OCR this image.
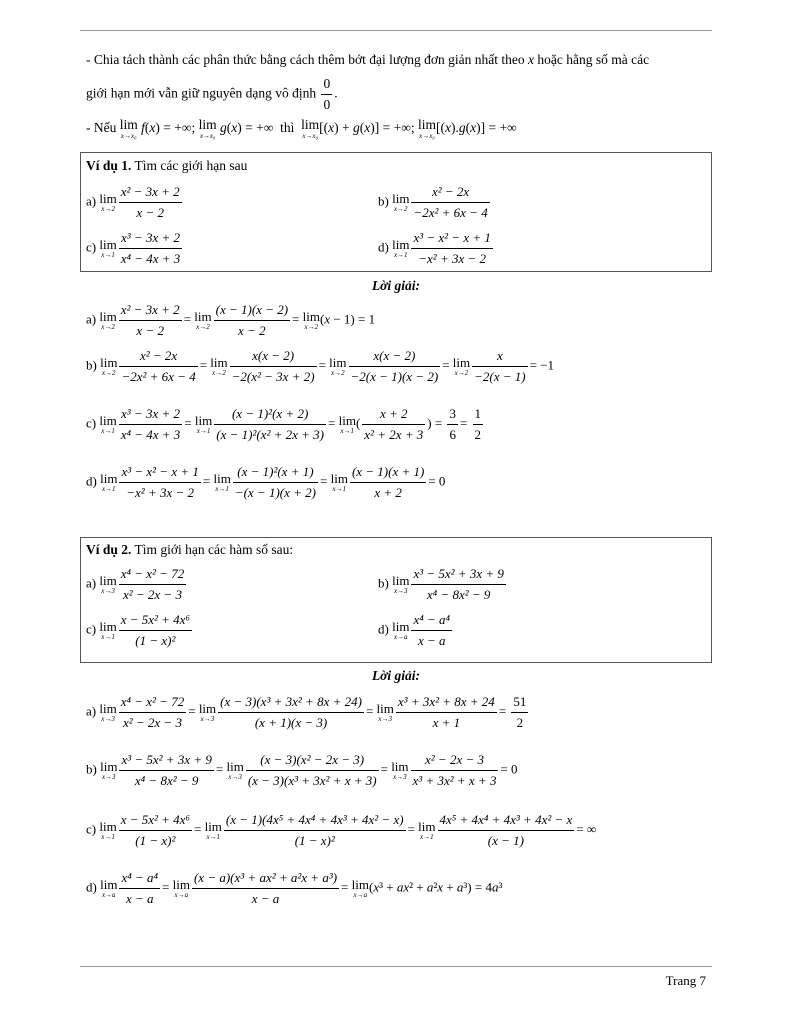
- Chia tách thành các phân thức bằng cách thêm bớt đại lượng đơn giản nhất theo x hoặc hằng số mà các
giới hạn mới vẫn giữ nguyên dạng vô định $\frac{0}{0}$ .
- Nếu lim
x→x₀
f(x) = +∞; lim
x→x₀
g(x) = +∞  thì  lim
x→x₀
[(x) + g(x)] = +∞; lim
x→x₀
[(x).g(x)] = +∞
Ví dụ 1. Tìm các giới hạn sau
a) lim
$x\to 2 \frac{\text{x² − 3x + 2}}{x - 2}$	b) lim
$x\to 2 \frac{\text{x² − 2x}}{\text{−2x² + 6x − 4}}$
c) lim
$x\to 1 \frac{\text{x³ − 3x + 2}}{\text{x⁴ − 4x + 3}}$	d) lim
$x\to 1 \frac{\text{x³ − x² − x + 1}}{\text{−x² + 3x − 2}}$
Lời giải:
a) lim
$x\to 2 \frac{\text{x² − 3x + 2}}{x - 2} = \lim$
$x\to 2 \frac{(x - 1)(x - 2)}{x - 2} = \lim$
x→2
(x − 1) = 1
b) lim
$x\to 2 \frac{\text{x² − 2x}}{\text{−2x² + 6x − 4}} = \lim$
$x\to 2 \frac{x(x - 2)}{\text{−2(x² − 3x + 2)}} = \lim$
$x\to 2 \frac{x(x - 2)}{-2(x - 1)(x - 2)} = \lim$
$x\to 2 \frac{x}{-2(x - 1)} = -1$
c) lim
$x\to 1 \frac{\text{x³ − 3x + 2}}{\text{x⁴ − 4x + 3}} = \lim$
$x\to 1 \frac{\text{(x − 1)²(x + 2)}}{\text{(x − 1)²(x² + 2x + 3)}} = \lim$
x→1
( $\frac{x + 2}{\text{x² + 2x + 3}}$ ) = $\frac{3}{6} = \frac{1}{2}$
d) lim
$x\to 1 \frac{\text{x³ − x² − x + 1}}{\text{−x² + 3x − 2}} = \lim$
$x\to 1 \frac{\text{(x − 1)²(x + 1)}}{-(x - 1)(x + 2)} = \lim$
$x\to 1 \frac{(x - 1)(x + 1)}{x + 2} = 0$
Ví dụ 2. Tìm giới hạn các hàm số sau:
a) lim
$x\to 3 \frac{\text{x⁴ − x² − 72}}{\text{x² − 2x − 3}}$	b) lim
$x\to 3 \frac{\text{x³ − 5x² + 3x + 9}}{\text{x⁴ − 8x² − 9}}$
c) lim
$x\to 1 \frac{\text{x − 5x² + 4x⁶}}{\text{(1 − x)²}}$	d) lim
$x\to a \frac{\text{x⁴ − a⁴}}{x - a}$
Lời giải:
a) lim
$x\to 3 \frac{\text{x⁴ − x² − 72}}{\text{x² − 2x − 3}} = \lim$
$x\to 3 \frac{\text{(x − 3)(x³ + 3x² + 8x + 24)}}{(x + 1)(x - 3)} = \lim$
$x\to 3 \frac{\text{x³ + 3x² + 8x + 24}}{x + 1} = \frac{51}{2}$
b) lim
$x\to 3 \frac{\text{x³ − 5x² + 3x + 9}}{\text{x⁴ − 8x² − 9}} = \lim$
$x\to 3 \frac{\text{(x − 3)(x² − 2x − 3)}}{\text{(x − 3)(x³ + 3x² + x + 3)}} = \lim$
$x\to 3 \frac{\text{x² − 2x − 3}}{\text{x³ + 3x² + x + 3}} = 0$
c) lim
$x\to 1 \frac{\text{x − 5x² + 4x⁶}}{\text{(1 − x)²}} = \lim$
$x\to 1 \frac{\text{(x − 1)(4x⁵ + 4x⁴ + 4x³ + 4x² − x)}}{\text{(1 − x)²}} = \lim$
$x\to 1 \frac{\text{4x⁵ + 4x⁴ + 4x³ + 4x² − x}}{(x - 1)}$ = ∞
d) lim
$x\to a \frac{\text{x⁴ − a⁴}}{x - a} = \lim$
$x\to a \frac{\text{(x − a)(x³ + ax² + a²x + a³)}}{x - a} = \lim$
x→a
(x³ + ax² + a²x + a³) = 4a³
Trang 7
